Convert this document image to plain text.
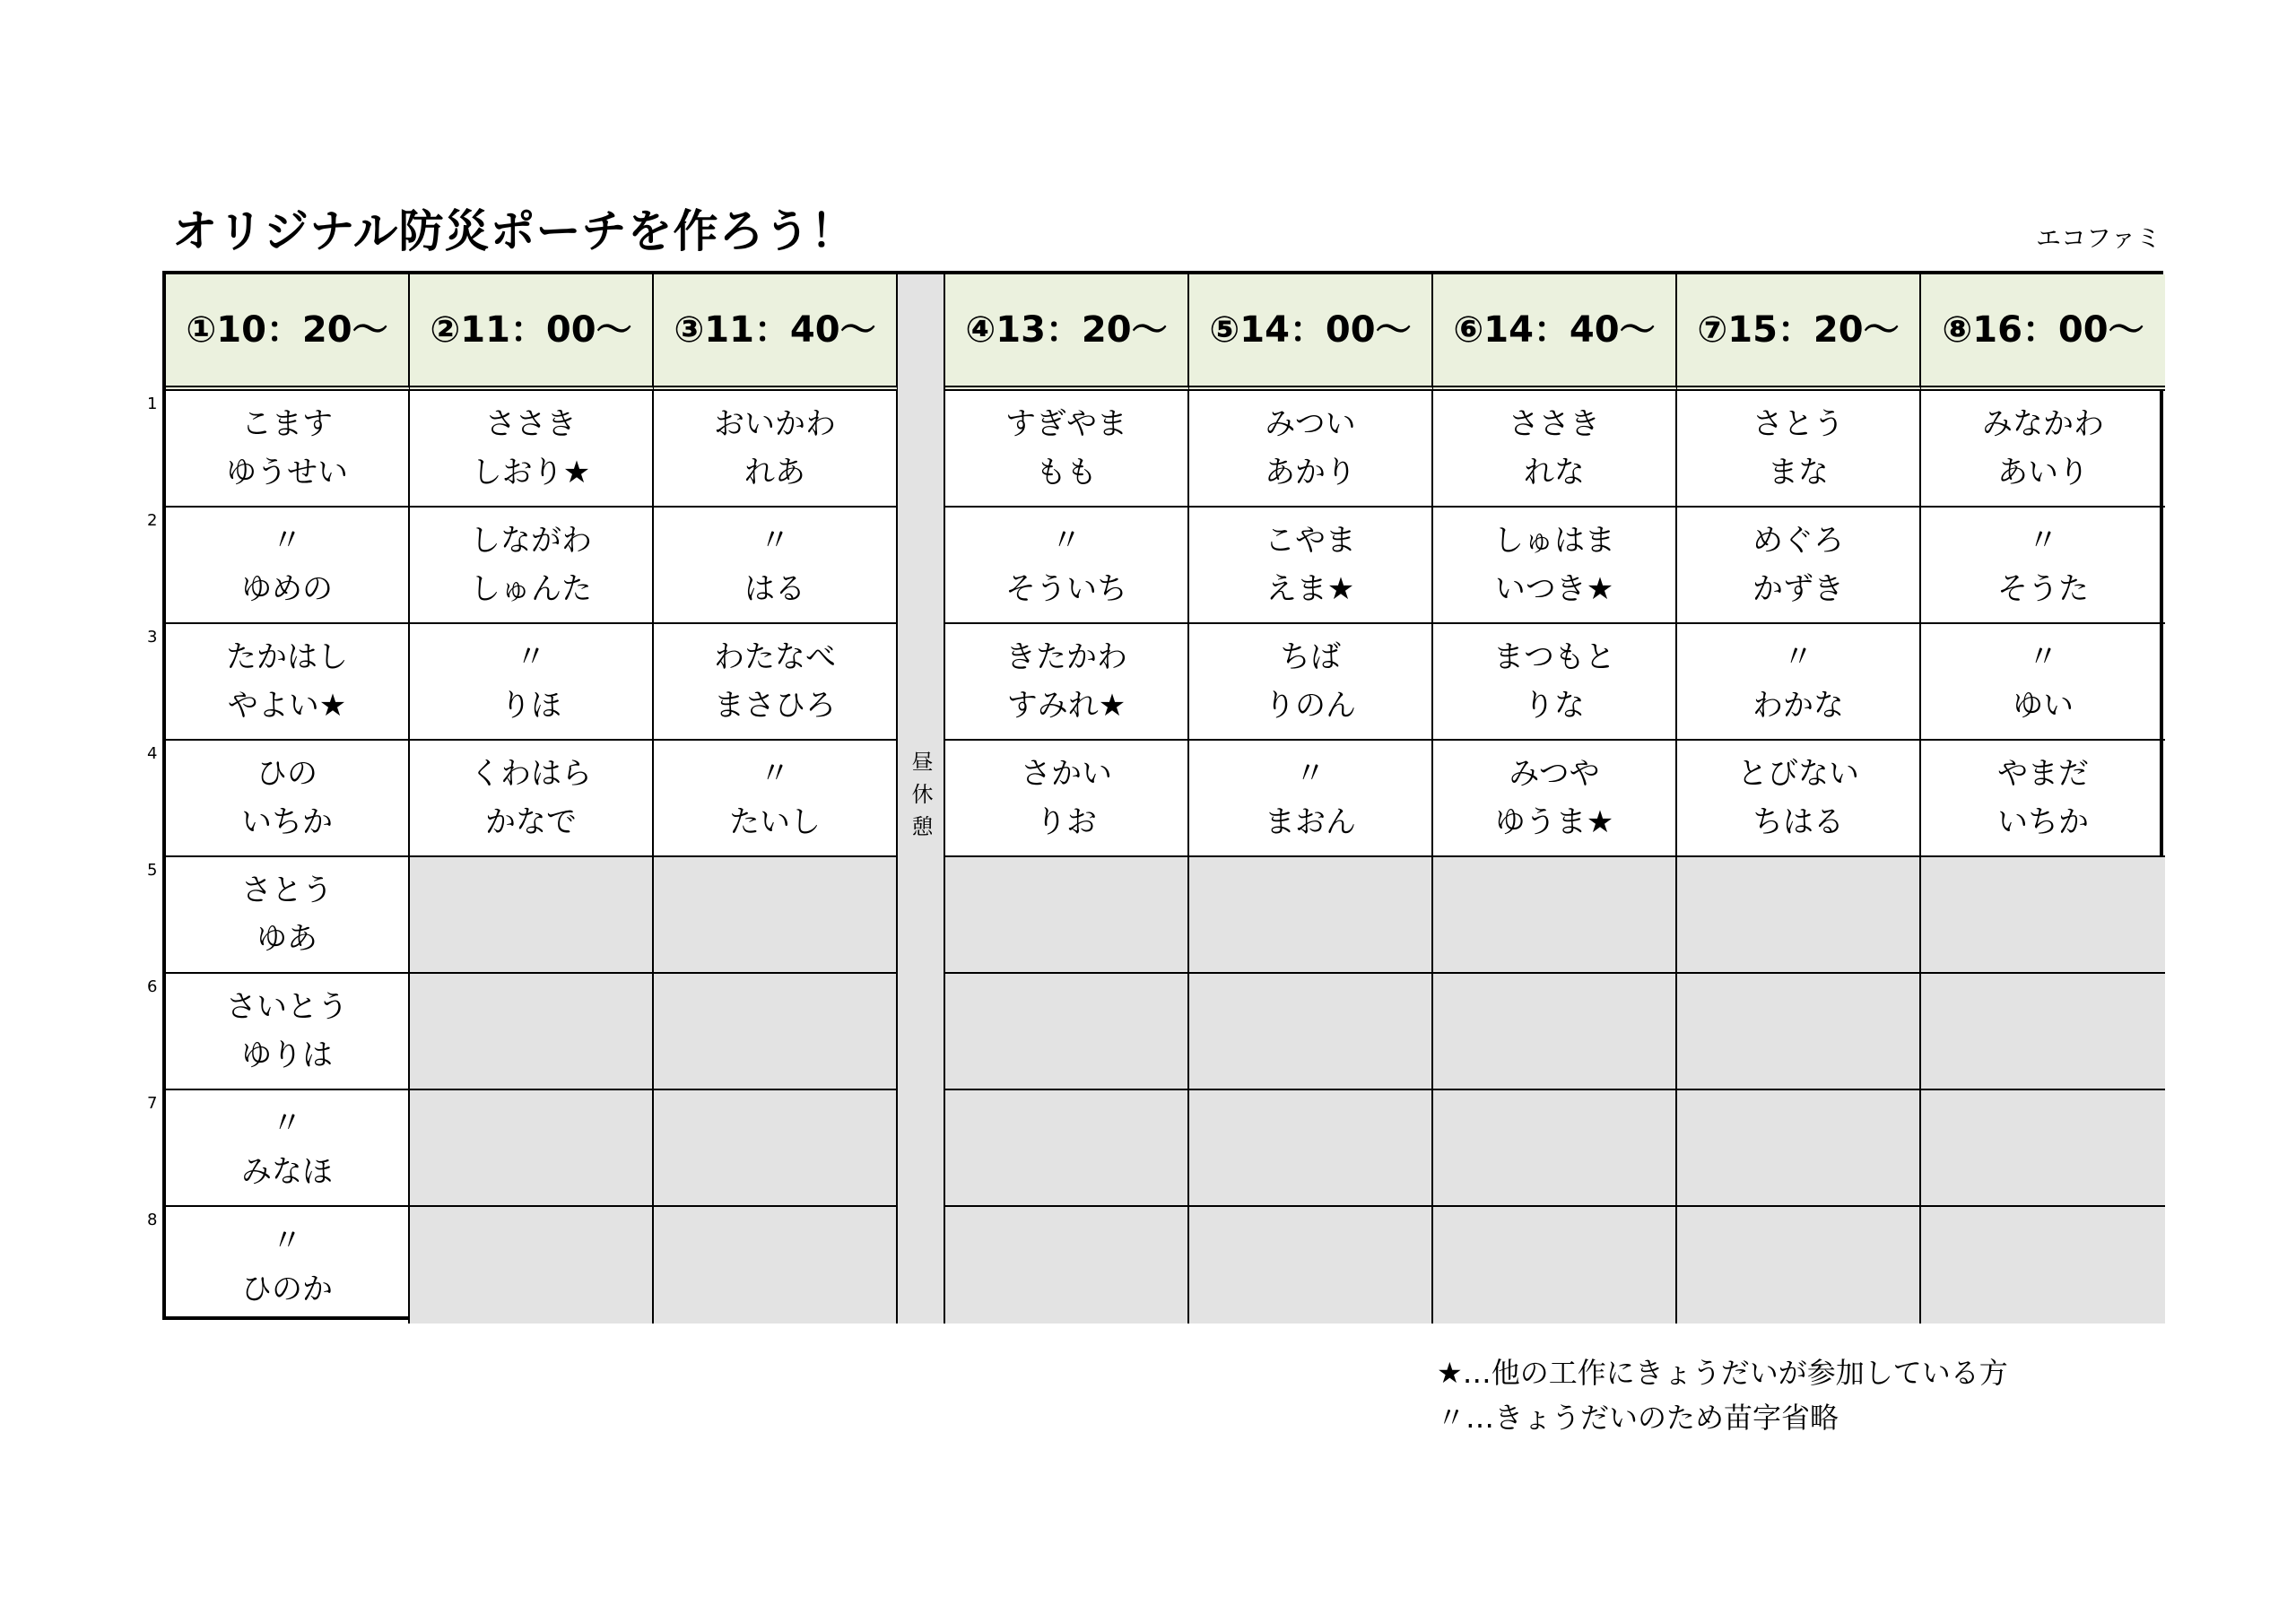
オリジナル防災ポーチを作ろう！	エコファミ
昼休憩
①10：20～
こます
ゆうせい
〃
ゆめの
たかはし
やよい★
ひの
いちか
さとう
ゆあ
さいとう
ゆりは
〃
みなほ
〃
ひのか
②11：00～
ささき
しおり★
しながわ
しゅんた
〃
りほ
くわはら
かなで
③11：40～
おいかわ
れあ
〃
はる
わたなべ
まさひろ
〃
たいし
④13：20～
すぎやま
もも
〃
そういち
きたかわ
すみれ★
さかい
りお
⑤14：00～
みつい
あかり
こやま
えま★
ちば
りのん
〃
まおん
⑥14：40～
ささき
れな
しゅはま
いつき★
まつもと
りな
みつや
ゆうま★
⑦15：20～
さとう
まな
めぐろ
かずき
〃
わかな
とびない
ちはる
⑧16：00～
みなかわ
あいり
〃
そうた
〃
ゆい
やまだ
いちか
1
2
3
4
5
6
7
8
★…他の工作にきょうだいが参加している方
〃…きょうだいのため苗字省略
